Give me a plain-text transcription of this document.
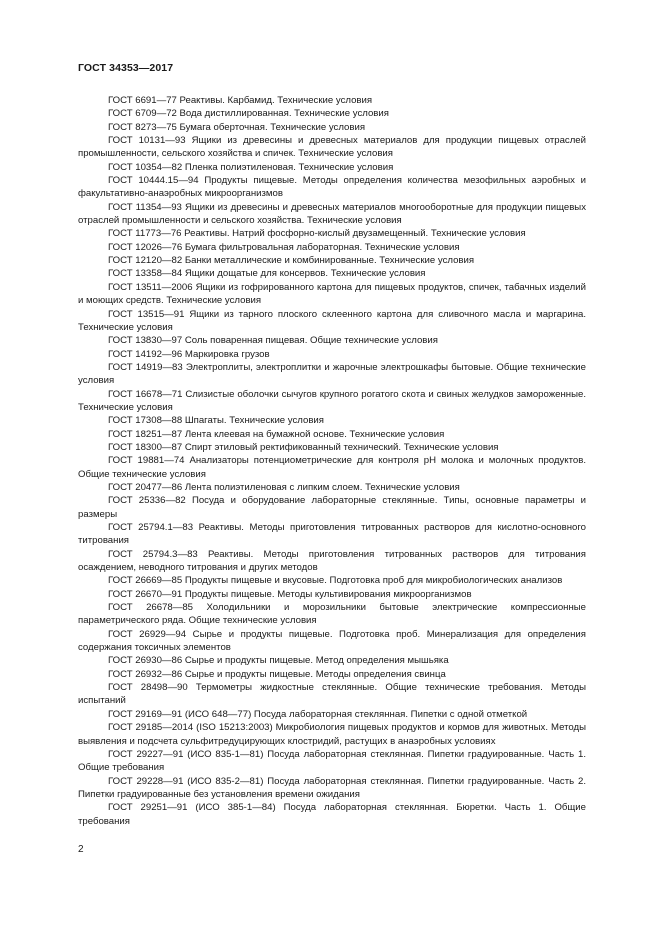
ГОСТ 34353—2017

ГОСТ 6691—77 Реактивы. Карбамид. Технические условия

ГОСТ 6709—72 Вода дистиллированная. Технические условия

ГОСТ 8273—75 Бумага оберточная. Технические условия

ГОСТ 10131—93 Ящики из древесины и древесных материалов для продукции пищевых отраслей промышленности, сельского хозяйства и спичек. Технические условия

ГОСТ 10354—82 Пленка полиэтиленовая. Технические условия

ГОСТ 10444.15—94 Продукты пищевые. Методы определения количества мезофильных аэробных и факультативно-анаэробных микроорганизмов

ГОСТ 11354—93 Ящики из древесины и древесных материалов многооборотные для продукции пищевых отраслей промышленности и сельского хозяйства. Технические условия

ГОСТ 11773—76 Реактивы. Натрий фосфорно-кислый двузамещенный. Технические условия

ГОСТ 12026—76 Бумага фильтровальная лабораторная. Технические условия

ГОСТ 12120—82 Банки металлические и комбинированные. Технические условия

ГОСТ 13358—84 Ящики дощатые для консервов. Технические условия

ГОСТ 13511—2006 Ящики из гофрированного картона для пищевых продуктов, спичек, табачных изделий и моющих средств. Технические условия

ГОСТ 13515—91 Ящики из тарного плоского склеенного картона для сливочного масла и маргарина. Технические условия

ГОСТ 13830—97 Соль поваренная пищевая. Общие технические условия

ГОСТ 14192—96 Маркировка грузов

ГОСТ 14919—83 Электроплиты, электроплитки и жарочные электрошкафы бытовые. Общие технические условия

ГОСТ 16678—71 Слизистые оболочки сычугов крупного рогатого скота и свиных желудков замороженные. Технические условия

ГОСТ 17308—88 Шпагаты. Технические условия

ГОСТ 18251—87 Лента клеевая на бумажной основе. Технические условия

ГОСТ 18300—87 Спирт этиловый ректификованный технический. Технические условия

ГОСТ 19881—74 Анализаторы потенциометрические для контроля pH молока и молочных продуктов. Общие технические условия

ГОСТ 20477—86 Лента полиэтиленовая с липким слоем. Технические условия

ГОСТ 25336—82 Посуда и оборудование лабораторные стеклянные. Типы, основные параметры и размеры

ГОСТ 25794.1—83 Реактивы. Методы приготовления титрованных растворов для кислотно-основного титрования

ГОСТ 25794.3—83 Реактивы. Методы приготовления титрованных растворов для титрования осаждением, неводного титрования и других методов

ГОСТ 26669—85 Продукты пищевые и вкусовые. Подготовка проб для микробиологических анализов

ГОСТ 26670—91 Продукты пищевые. Методы культивирования микроорганизмов

ГОСТ 26678—85 Холодильники и морозильники бытовые электрические компрессионные параметрического ряда. Общие технические условия

ГОСТ 26929—94 Сырье и продукты пищевые. Подготовка проб. Минерализация для определения содержания токсичных элементов

ГОСТ 26930—86 Сырье и продукты пищевые. Метод определения мышьяка

ГОСТ 26932—86 Сырье и продукты пищевые. Методы определения свинца

ГОСТ 28498—90 Термометры жидкостные стеклянные. Общие технические требования. Методы испытаний

ГОСТ 29169—91 (ИСО 648—77) Посуда лабораторная стеклянная. Пипетки с одной отметкой

ГОСТ 29185—2014 (ISO 15213:2003) Микробиология пищевых продуктов и кормов для животных. Методы выявления и подсчета сульфитредуцирующих клостридий, растущих в анаэробных условиях

ГОСТ 29227—91 (ИСО 835-1—81) Посуда лабораторная стеклянная. Пипетки градуированные. Часть 1. Общие требования

ГОСТ 29228—91 (ИСО 835-2—81) Посуда лабораторная стеклянная. Пипетки градуированные. Часть 2. Пипетки градуированные без установления времени ожидания

ГОСТ 29251—91 (ИСО 385-1—84) Посуда лабораторная стеклянная. Бюретки. Часть 1. Общие требования

2
